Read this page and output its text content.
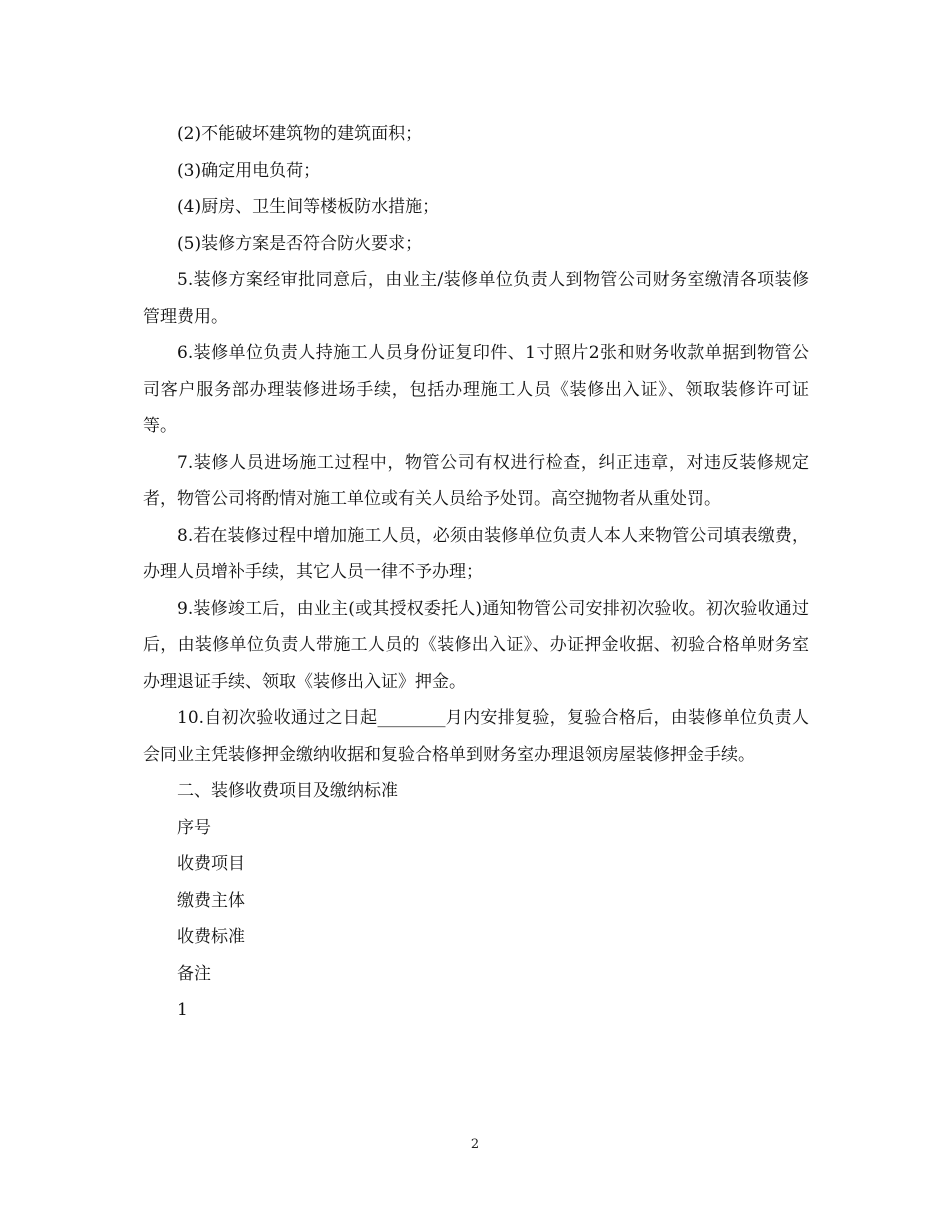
(2)不能破坏建筑物的建筑面积；

(3)确定用电负荷；

(4)厨房、卫生间等楼板防水措施；

(5)装修方案是否符合防火要求；

5.装修方案经审批同意后，由业主/装修单位负责人到物管公司财务室缴清各项装修管理费用。

6.装修单位负责人持施工人员身份证复印件、1寸照片2张和财务收款单据到物管公司客户服务部办理装修进场手续，包括办理施工人员《装修出入证》、领取装修许可证等。

7.装修人员进场施工过程中，物管公司有权进行检查，纠正违章，对违反装修规定者，物管公司将酌情对施工单位或有关人员给予处罚。高空抛物者从重处罚。

8.若在装修过程中增加施工人员，必须由装修单位负责人本人来物管公司填表缴费，办理人员增补手续，其它人员一律不予办理；

9.装修竣工后，由业主(或其授权委托人)通知物管公司安排初次验收。初次验收通过后，由装修单位负责人带施工人员的《装修出入证》、办证押金收据、初验合格单财务室办理退证手续、领取《装修出入证》押金。

10.自初次验收通过之日起________月内安排复验，复验合格后，由装修单位负责人会同业主凭装修押金缴纳收据和复验合格单到财务室办理退领房屋装修押金手续。

二、装修收费项目及缴纳标准

序号

收费项目

缴费主体

收费标准

备注

1

2
